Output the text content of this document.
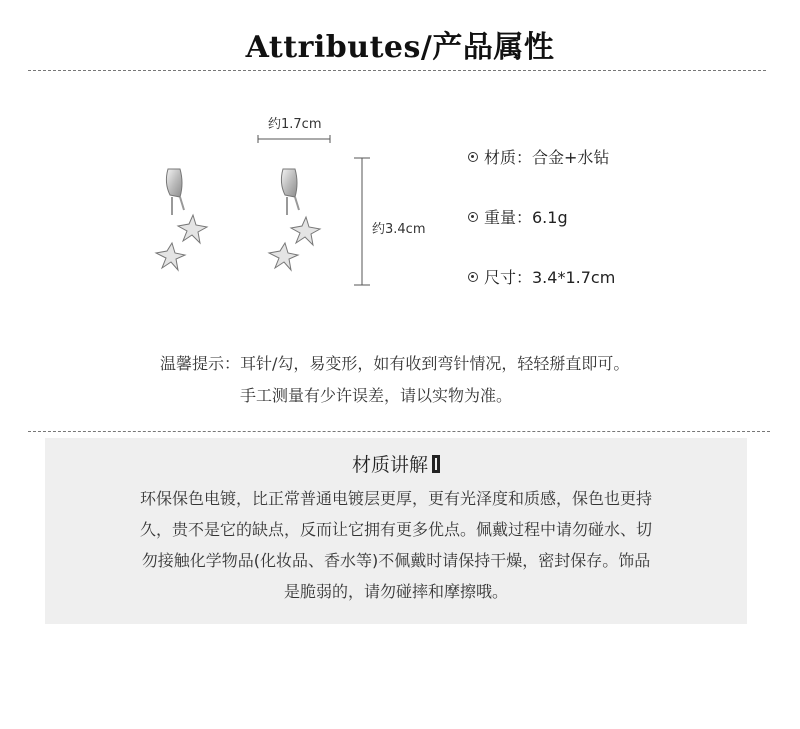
Attributes/产品属性
约1.7cm
约3.4cm
材质：合金+水钻
重量：6.1g
尺寸：3.4*1.7cm
温馨提示：耳针/勾，易变形，如有收到弯针情况，轻轻掰直即可。
手工测量有少许误差，请以实物为准。
材质讲解
环保保色电镀，比正常普通电镀层更厚，更有光泽度和质感，保色也更持
久，贵不是它的缺点，反而让它拥有更多优点。佩戴过程中请勿碰水、切
勿接触化学物品(化妆品、香水等)不佩戴时请保持干燥，密封保存。饰品
是脆弱的，请勿碰摔和摩擦哦。
